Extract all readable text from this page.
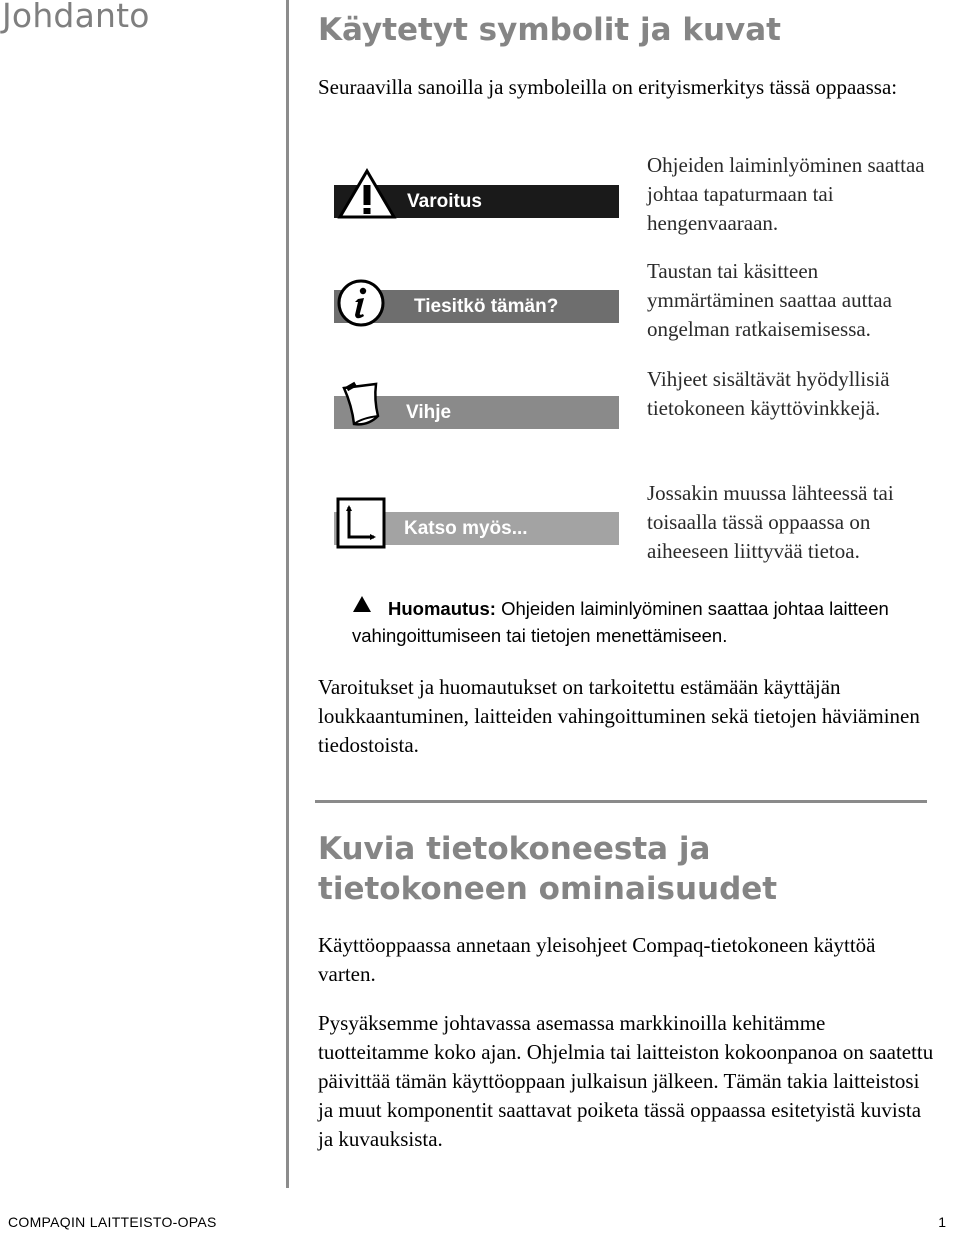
Johdanto	Käytetyt symbolit ja kuvat
Seuraavilla sanoilla ja symboleilla on erityismerkitys tässä oppaassa:
Varoitus
Ohjeiden laiminlyöminen saattaa johtaa tapaturmaan tai hengenvaaraan.
Tiesitkö tämän?
Taustan tai käsitteen ymmärtäminen saattaa auttaa ongelman ratkaisemisessa.
Vihje
Vihjeet sisältävät hyödyllisiä tietokoneen käyttövinkkejä.
Katso myös...
Jossakin muussa lähteessä tai toisaalla tässä oppaassa on aiheeseen liittyvää tietoa.
Huomautus: Ohjeiden laiminlyöminen saattaa johtaa laitteen vahingoittumiseen tai tietojen menettämiseen.
Varoitukset ja huomautukset on tarkoitettu estämään käyttäjän loukkaantuminen, laitteiden vahingoittuminen sekä tietojen häviäminen tiedostoista.
Kuvia tietokoneesta ja tietokoneen ominaisuudet
Käyttöoppaassa annetaan yleisohjeet Compaq-tietokoneen käyttöä varten.
Pysyäksemme johtavassa asemassa markkinoilla kehitämme tuotteitamme koko ajan. Ohjelmia tai laitteiston kokoonpanoa on saatettu päivittää tämän käyttöoppaan julkaisun jälkeen. Tämän takia laitteistosi ja muut komponentit saattavat poiketa tässä oppaassa esitetyistä kuvista ja kuvauksista.
COMPAQIN LAITTEISTO-OPAS	1
